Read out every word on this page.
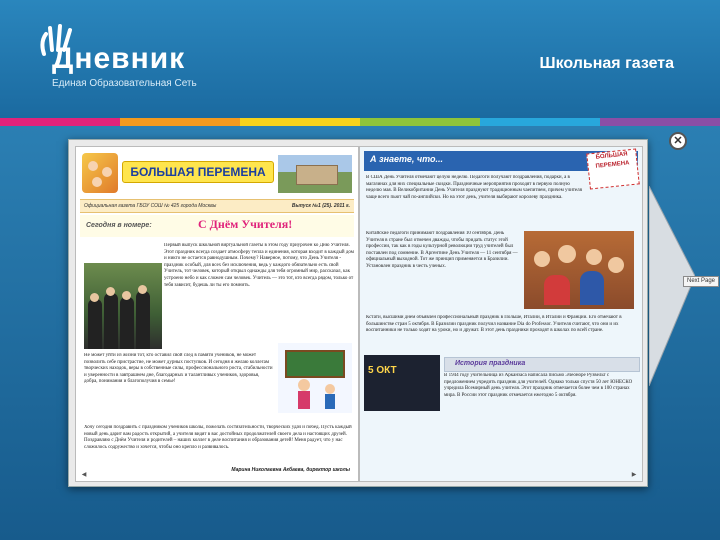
Дневник
Единая Образовательная Сеть
Школьная газета
БОЛЬШАЯ ПЕРЕМЕНА
Официальная газета ГБОУ СОШ № 425 города Москвы	Выпуск №1 (25). 2011 г.
Сегодня в номере:	С Днём Учителя!
Первый выпуск школьной виртуальной газеты в этом году приурочен ко Дню Учителя. Этот праздник всегда создает атмосферу тепла и единения, которая входит в каждый дом и никто не остается равнодушным. Почему? Наверное, потому, что День Учителя - праздник особый, для всех без исключения, ведь у каждого обязательно есть свой Учитель, тот человек, который открыл однажды для тебя огромный мир, рассказал, как устроено небо и как сложен сам человек. Учитель — это тот, кто всегда рядом, только от тебя зависит, будешь ли ты его помнить.
Не может уйти из жизни тот, кто оставил свой след в памяти учеников, не может позволить себе пристрастие, не может дурных поступков. И сегодня я желаю коллегам творческих находок, веры в собственные силы, профессионального роста, стабильности и уверенности в завтрашнем дне, благодарных и талантливых учеников, здоровья, добра, понимания и благополучия в семье!
Хочу сегодня поздравить с праздником учеников школы, пожелать состязательности, творческих удач и побед. Пусть каждый новый день дарит вам радость открытий, а учителя видят в вас достойных продолжателей своего дела и настоящих друзей. Поздравляю с Днём Учителя и родителей – наших коллег в деле воспитания и образования детей! Меня радует, что у нас сложилось содружество и хочется, чтобы оно крепло и развивалось.
Марина Николаевна Акбаева, директор школы
◀
А знаете, что...	БОЛЬШАЯ ПЕРЕМЕНА
В США День Учителя отмечают целую неделю. Педагоги получают поздравления, подарки, а в магазинах для них специальные скидки. Праздничные мероприятия проходят в первую полную неделю мая. В Великобритании День Учителя празднуют традиционным чаепитием, причем учителя чаще всего пьют чай по-английски. Но на этот день, учителя выбирают королеву праздника.
Китайские педагоги принимают поздравления 10 сентября. День Учителя в стране был отмечен дважды, чтобы придать статус этой профессии, так как в годы культурной революции труд учителей был поставлен под сомнение. В Аргентине День Учителя — 11 сентября — официальный выходной. Тот же принцип применяется в Бразилии. Установлен праздник в честь ученых.
Кстати, высшими днём объявлен профессиональный праздник в Польше, Италии, в Италии и Франции. Его отмечают в большинстве стран 5 октября. В Бразилии праздник получил название Dia do Professor. Учителя считают, что они и их воспитанники не только ходят на уроки, но и дружат. В этот день праздники проходят в школах по всей стране.
5 ОКТ
История праздника
В 1944 году учительница из Арканзаса написала письмо Элеоноре Рузвельт с предложением учредить праздник для учителей. Однако только спустя 50 лет ЮНЕСКО учредила Всемирный день учителя. Этот праздник отмечается более чем в 100 странах мира. В России этот праздник отмечается ежегодно 5 октября.
▶
✕
Next Page
